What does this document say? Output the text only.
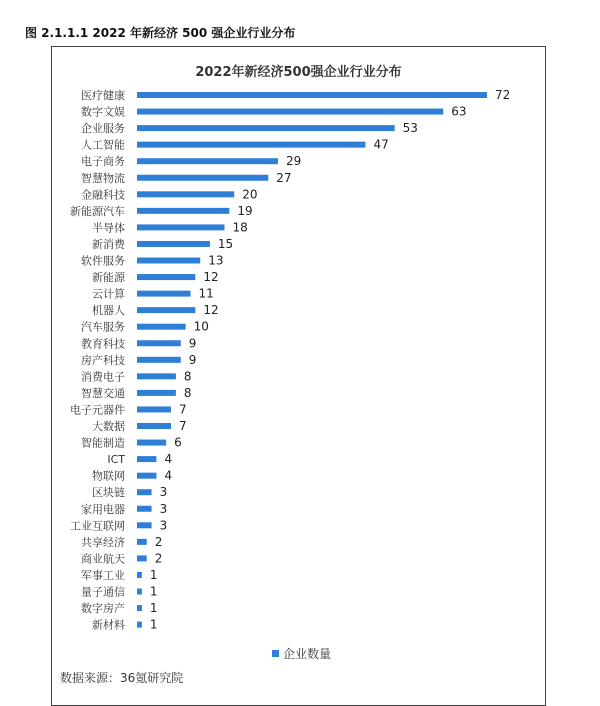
图 2.1.1.1 2022 年新经济 500 强企业行业分布
2022年新经济500强企业行业分布
医疗健康	72
数字文娱	63
企业服务	53
人工智能	47
电子商务	29
智慧物流	27
金融科技	20
新能源汽车	19
半导体	18
新消费	15
软件服务	13
新能源	12
云计算	11
机器人	12
汽车服务	10
教育科技	9
房产科技	9
消费电子	8
智慧交通	8
电子元器件	7
大数据	7
智能制造	6
ICT	4
物联网	4
区块链	3
家用电器	3
工业互联网	3
共享经济 2
商业航天 2
军事工业 1
量子通信 1
数字房产 1
新材料 1
企业数量
数据来源：36氪研究院
